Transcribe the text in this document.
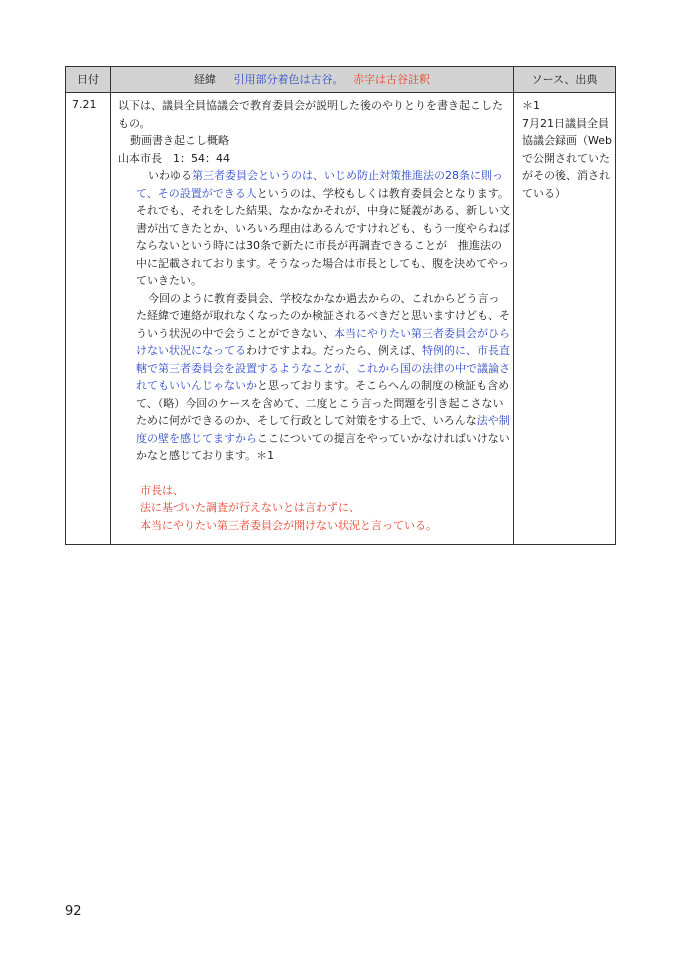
日付	経緯 引用部分着色は古谷。 赤字は古谷註釈	ソース、出典
7.21 以下は、議員全員協議会で教育委員会が説明した後のやりとりを書き起こしたもの。

動画書き起こし概略

山本市長　1：54：44

いわゆる第三者委員会というのは、いじめ防止対策推進法の28条に則って、その設置ができる人というのは、学校もしくは教育委員会となります。それでも、それをした結果、なかなかそれが、中身に疑義がある、新しい文書が出てきたとか、いろいろ理由はあるんですけれども、もう一度やらねばならないという時には30条で新たに市長が再調査できることが　推進法の中に記載されております。そうなった場合は市長としても、腹を決めてやっていきたい。

今回のように教育委員会、学校なかなか過去からの、これからどう言った経緯で連絡が取れなくなったのか検証されるべきだと思いますけども、そういう状況の中で会うことができない、本当にやりたい第三者委員会がひらけない状況になってるわけですよね。だったら、例えば、特例的に、市長直轄で第三者委員会を設置するようなことが、これから国の法律の中で議論されてもいいんじゃないかと思っております。そこらへんの制度の検証も含めて、（略）今回のケースを含めて、二度とこう言った問題を引き起こさないために何ができるのか、そして行政として対策をする上で、いろんな法や制度の壁を感じてますからここについての提言をやっていかなければいけないかなと感じております。＊1

市長は、

法に基づいた調査が行えないとは言わずに、

本当にやりたい第三者委員会が開けない状況と言っている。

＊1

7月21日議員全員協議会録画（Webで公開されていたがその後、消されている）

92
